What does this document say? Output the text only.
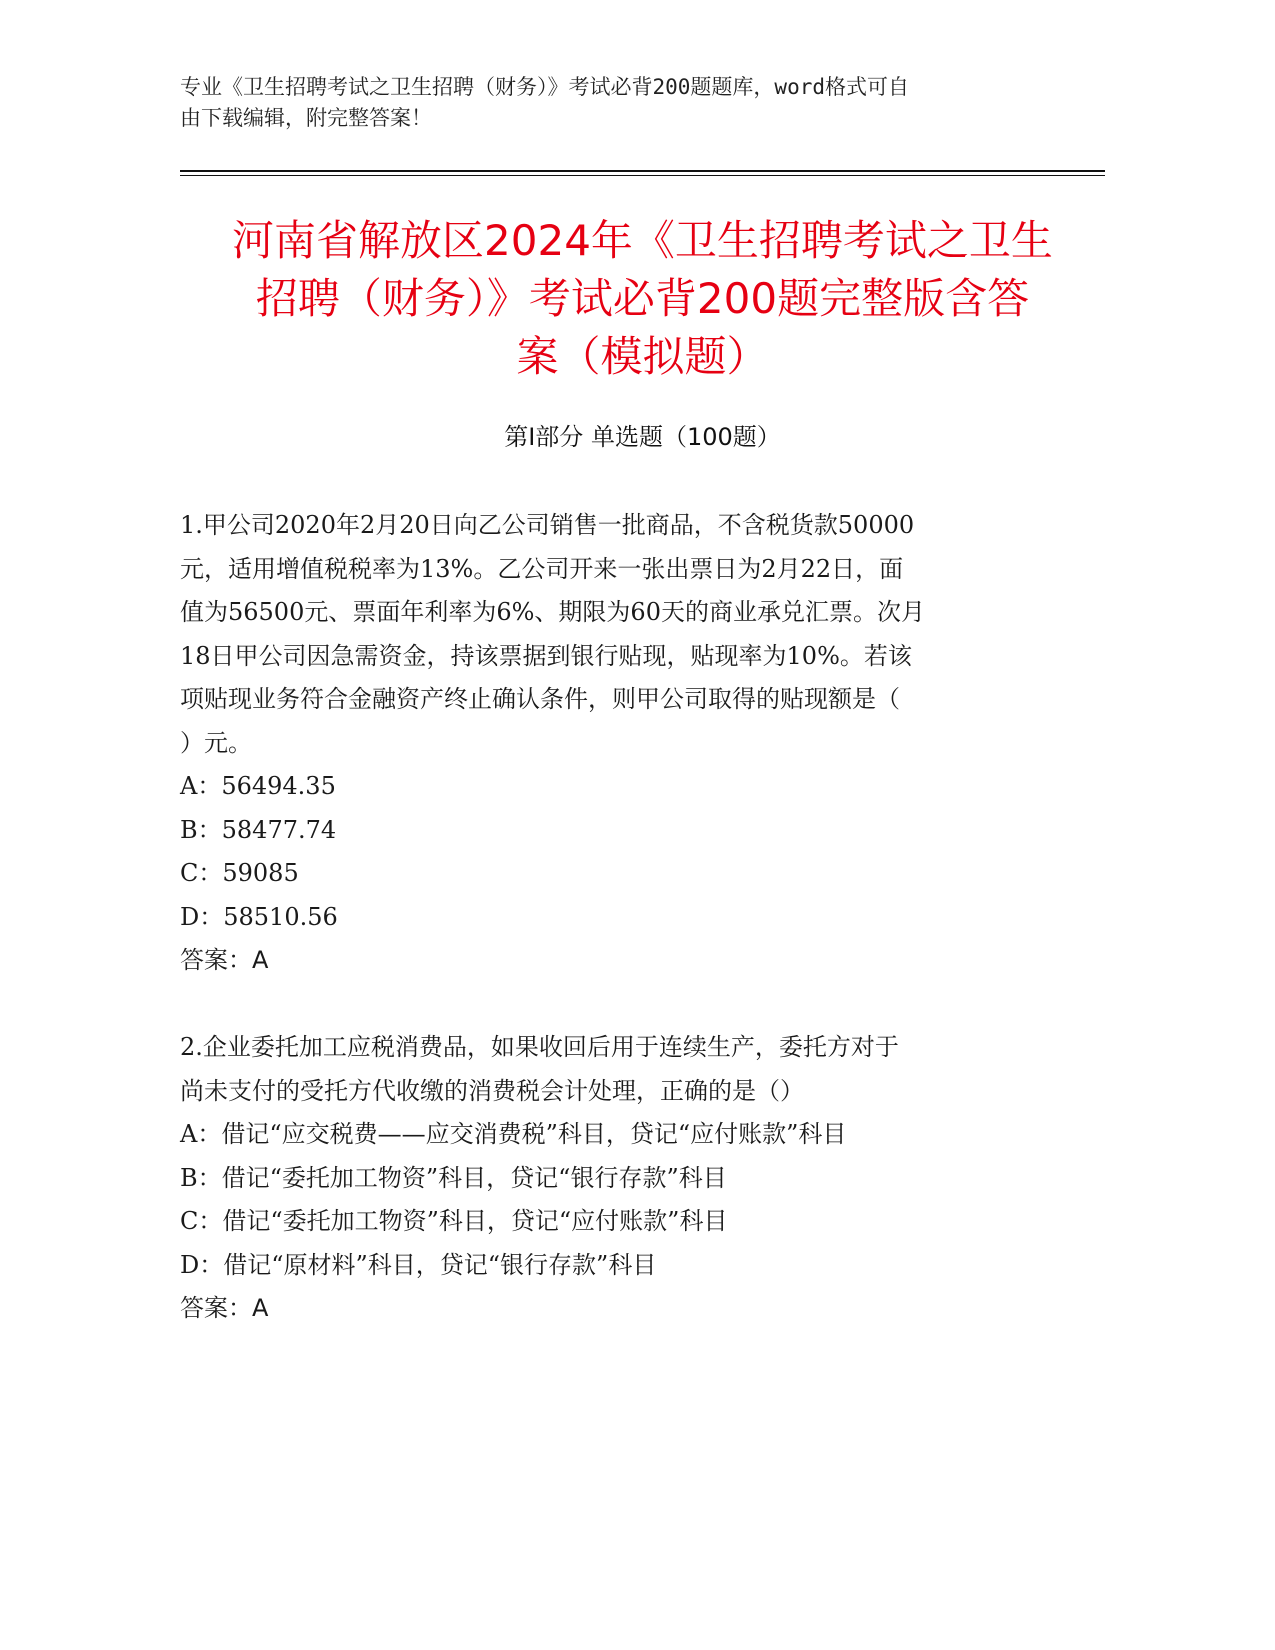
专业《卫生招聘考试之卫生招聘（财务）》考试必背200题题库，word格式可自
由下载编辑，附完整答案！
河南省解放区2024年《卫生招聘考试之卫生
招聘（财务）》考试必背200题完整版含答
案（模拟题）
第Ⅰ部分 单选题（100题）
1.甲公司2020年2月20日向乙公司销售一批商品，不含税货款50000
元，适用增值税税率为13%。乙公司开来一张出票日为2月22日，面
值为56500元、票面年利率为6%、期限为60天的商业承兑汇票。次月
18日甲公司因急需资金，持该票据到银行贴现，贴现率为10%。若该
项贴现业务符合金融资产终止确认条件，则甲公司取得的贴现额是（
）元。
A：56494.35
B：58477.74
C：59085
D：58510.56
答案：A
2.企业委托加工应税消费品，如果收回后用于连续生产，委托方对于
尚未支付的受托方代收缴的消费税会计处理，正确的是（）
A：借记“应交税费——应交消费税”科目，贷记“应付账款”科目
B：借记“委托加工物资”科目，贷记“银行存款”科目
C：借记“委托加工物资”科目，贷记“应付账款”科目
D：借记“原材料”科目，贷记“银行存款”科目
答案：A
